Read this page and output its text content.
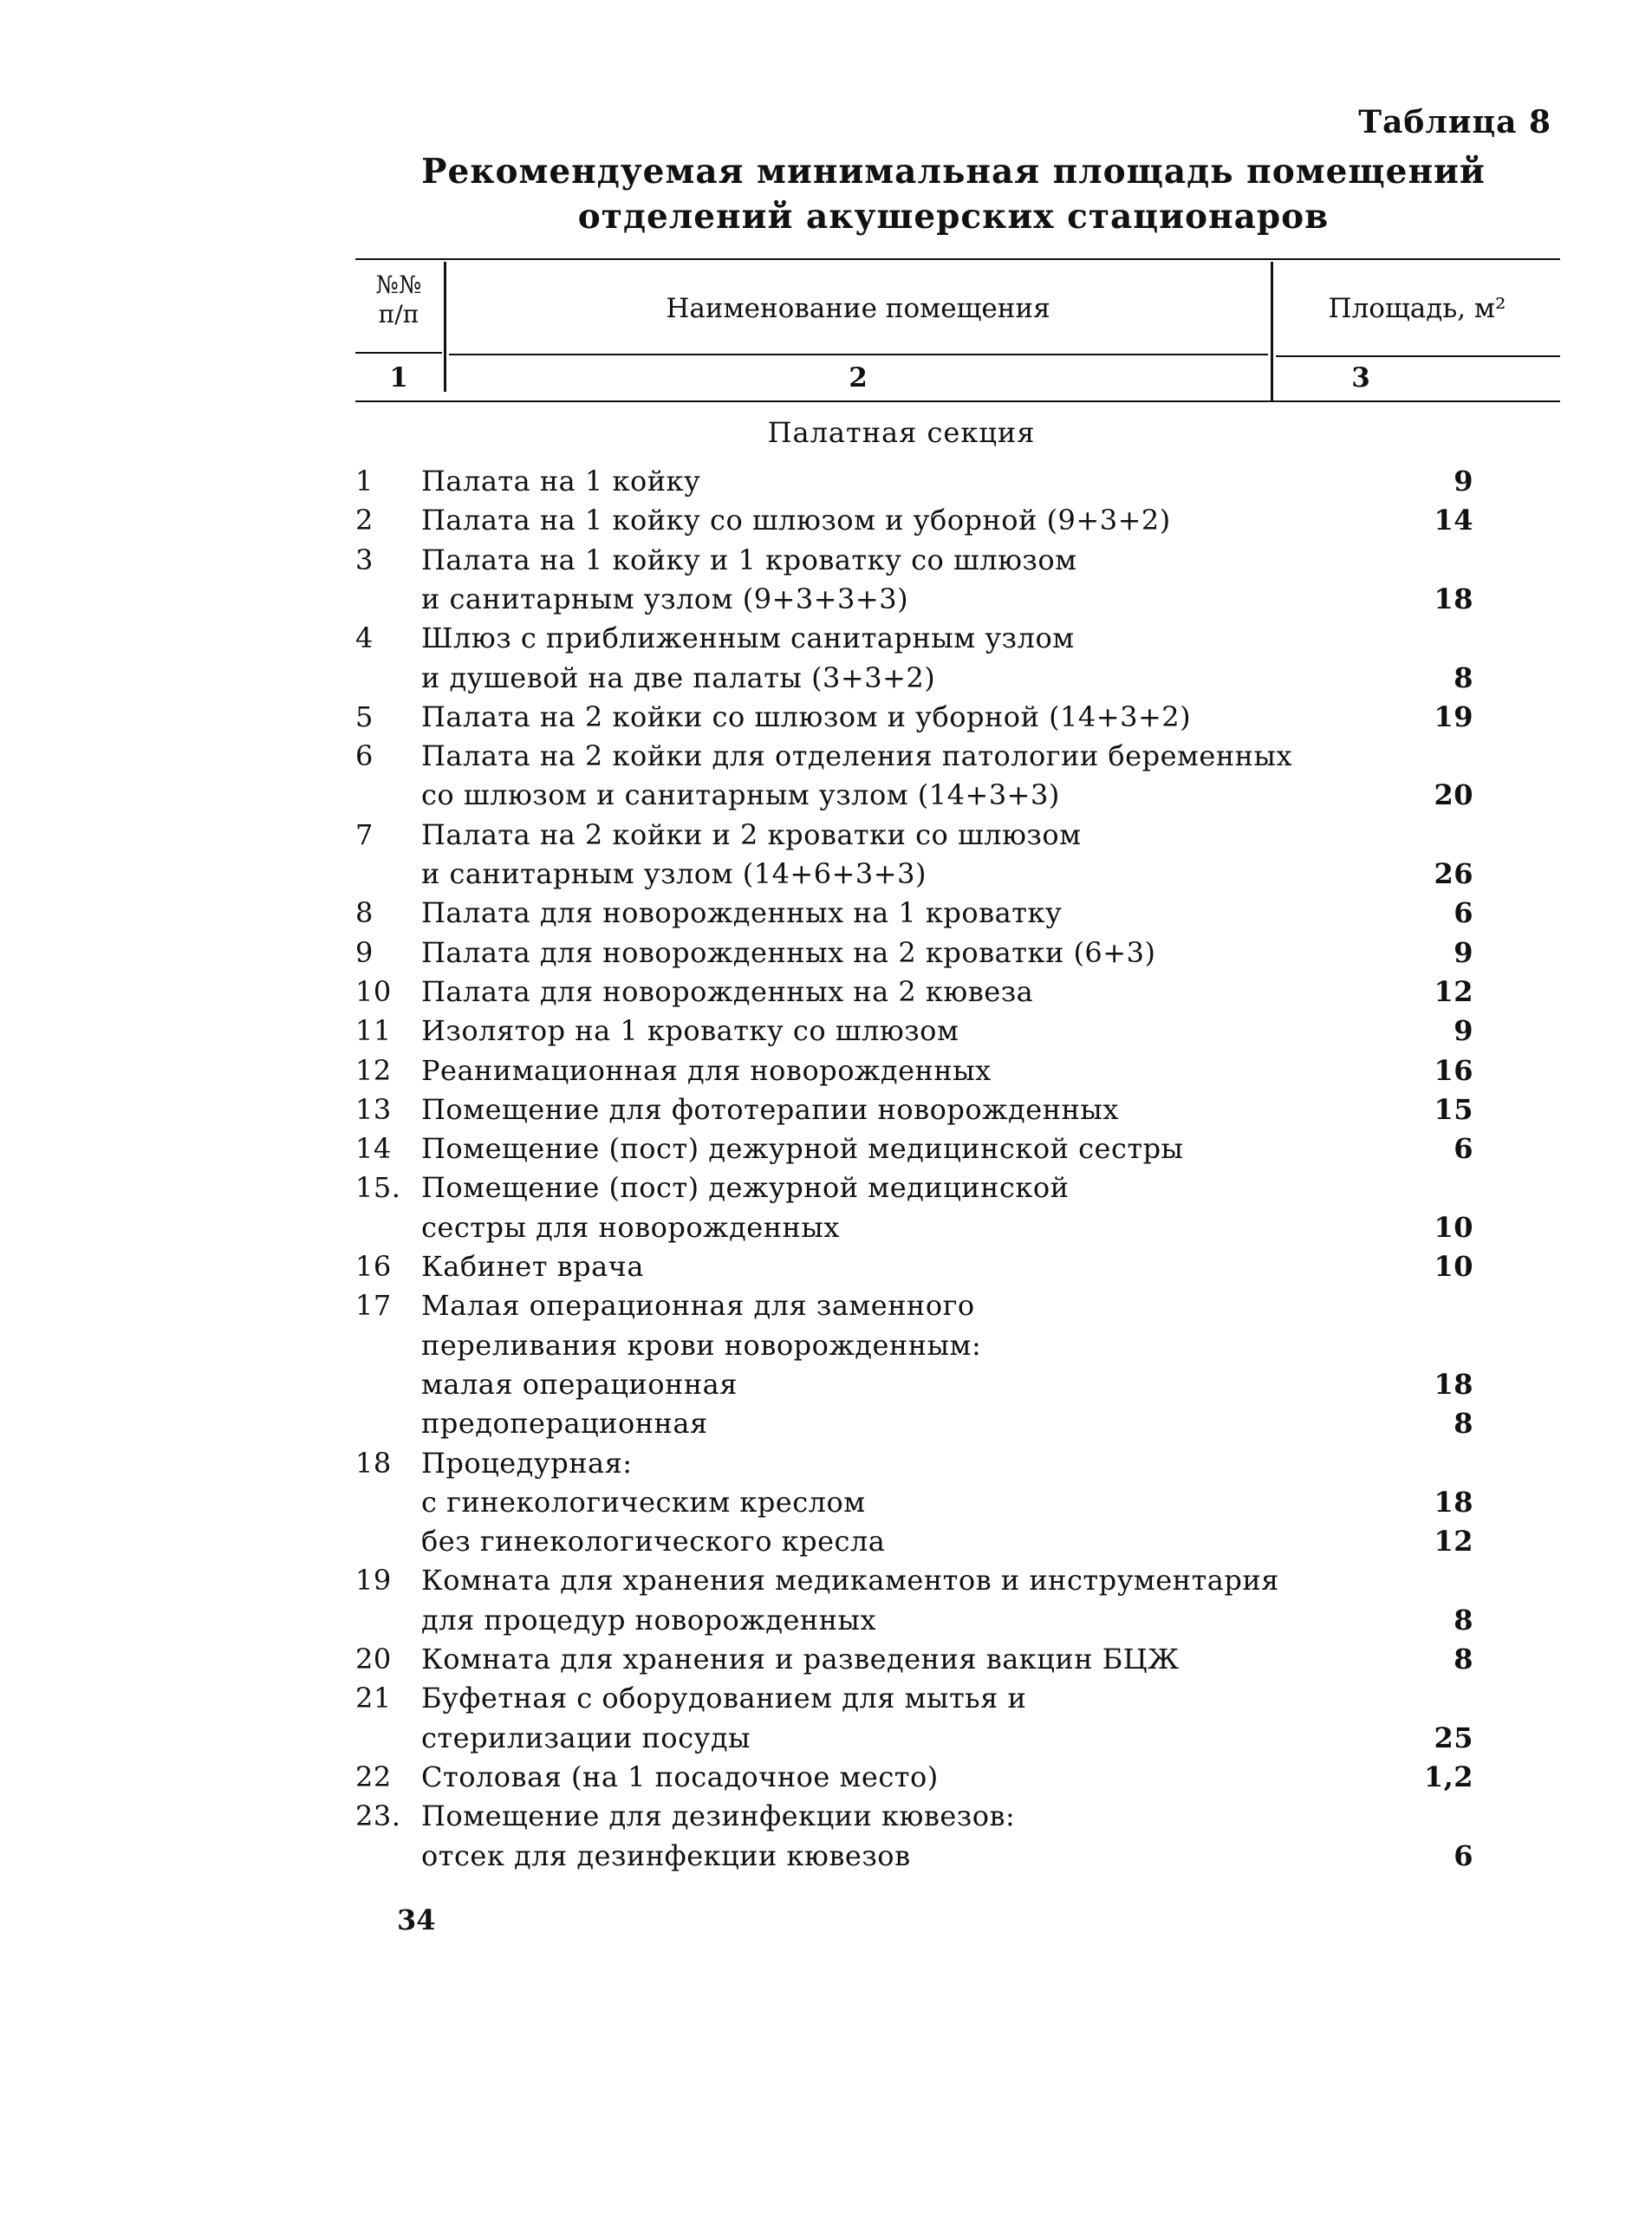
Таблица 8
Рекомендуемая минимальная площадь помещений
отделений акушерских стационаров
№№
п/п	Наименование помещения	Площадь, м²
1	2	3
Палатная секция
1	Палата на 1 койку	9
2	Палата на 1 койку со шлюзом и уборной (9+3+2)	14
3	Палата на 1 койку и 1 кроватку со шлюзом
и санитарным узлом (9+3+3+3)	18
4	Шлюз с приближенным санитарным узлом
и душевой на две палаты (3+3+2)	8
5	Палата на 2 койки со шлюзом и уборной (14+3+2)	19
6	Палата на 2 койки для отделения патологии беременных
со шлюзом и санитарным узлом (14+3+3)	20
7	Палата на 2 койки и 2 кроватки со шлюзом
и санитарным узлом (14+6+3+3)	26
8	Палата для новорожденных на 1 кроватку	6
9	Палата для новорожденных на 2 кроватки (6+3)	9
10	Палата для новорожденных на 2 кювеза	12
11	Изолятор на 1 кроватку со шлюзом	9
12	Реанимационная для новорожденных	16
13	Помещение для фототерапии новорожденных	15
14	Помещение (пост) дежурной медицинской сестры	6
15. Помещение (пост) дежурной медицинской
сестры для новорожденных	10
16	Кабинет врача	10
17	Малая операционная для заменного
переливания крови новорожденным:
малая операционная	18
предоперационная	8
18	Процедурная:
с гинекологическим креслом	18
без гинекологического кресла	12
19	Комната для хранения медикаментов и инструментария
для процедур новорожденных	8
20	Комната для хранения и разведения вакцин БЦЖ	8
21	Буфетная с оборудованием для мытья и
стерилизации посуды	25
22	Столовая (на 1 посадочное место)	1,2
23. Помещение для дезинфекции кювезов:
отсек для дезинфекции кювезов	6
34
